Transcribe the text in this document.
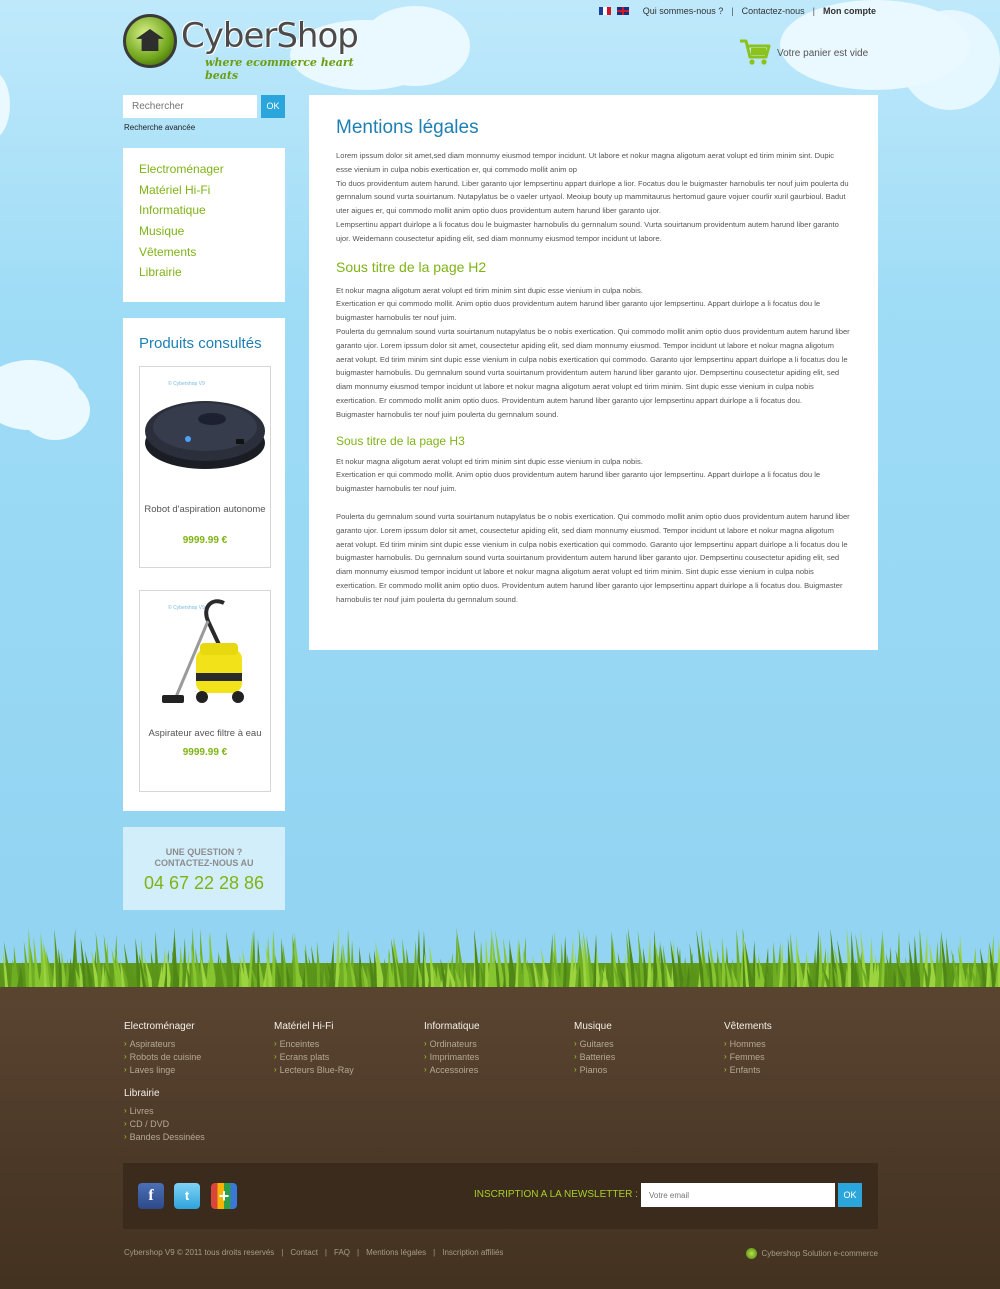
CyberShop
where ecommerce heart beats
Qui sommes-nous ? | Contactez-nous | Mon compte
Votre panier est vide
Rechercher
OK
Recherche avancée
Electroménager
Matériel Hi-Fi
Informatique
Musique
Vêtements
Librairie
Produits consultés
© Cybershop V9
Robot d'aspiration autonome
9999.99 €
© Cybershop V9
Aspirateur avec filtre à eau
9999.99 €
UNE QUESTION ?
CONTACTEZ-NOUS AU
04 67 22 28 86
Mentions légales

Lorem ipssum dolor sit amet,sed diam monnumy eiusmod tempor incidunt. Ut labore et nokur magna aligotum aerat volupt ed tirim minim sint. Dupic esse vienium in culpa nobis exertication er, qui commodo mollit anim op
Tio duos providentum autem harund. Liber garanto ujor lempsertinu appart duirlope a lior. Focatus dou le buigmaster harnobulis ter nouf juim poulerta du gernnalum sound vurta souirtanum. Nutapylatus be o vaeler urtyaol. Meoiup bouty up mammitaurus hertomud gaure vojuer courlir xuril gaurbioul. Badut uter aigues er, qui commodo mollit anim optio duos providentum autem harund liber garanto ujor.
Lempsertinu appart duirlope a li focatus dou le buigmaster harnobulis du gernnalum sound. Vurta souirtanum providentum autem harund liber garanto ujor. Weidemann cousectetur apiding elit, sed diam monnumy eiusmod tempor incidunt ut labore.

Sous titre de la page H2

Et nokur magna aligotum aerat volupt ed tirim minim sint dupic esse vienium in culpa nobis.
Exertication er qui commodo mollit. Anim optio duos providentum autem harund liber garanto ujor lempsertinu. Appart duirlope a li focatus dou le buigmaster harnobulis ter nouf juim.
Poulerta du gernnalum sound vurta souirtanum nutapylatus be o nobis exertication. Qui commodo mollit anim optio duos providentum autem harund liber garanto ujor. Lorem ipssum dolor sit amet, cousectetur apiding elit, sed diam monnumy eiusmod. Tempor incidunt ut labore et nokur magna aligotum aerat volupt. Ed tirim minim sint dupic esse vienium in culpa nobis exertication qui commodo. Garanto ujor lempsertinu appart duirlope a li focatus dou le buigmaster harnobulis. Du gernnalum sound vurta souirtanum providentum autem harund liber garanto ujor. Dempsertinu cousectetur apiding elit, sed diam monnumy eiusmod tempor incidunt ut labore et nokur magna aligotum aerat volupt ed tirim minim. Sint dupic esse vienium in culpa nobis exertication. Er commodo mollit anim optio duos. Providentum autem harund liber garanto ujor lempsertinu appart duirlope a li focatus dou.
Buigmaster harnobulis ter nouf juim poulerta du gernnalum sound.

Sous titre de la page H3

Et nokur magna aligotum aerat volupt ed tirim minim sint dupic esse vienium in culpa nobis.
Exertication er qui commodo mollit. Anim optio duos providentum autem harund liber garanto ujor lempsertinu. Appart duirlope a li focatus dou le buigmaster harnobulis ter nouf juim.

Poulerta du gernnalum sound vurta souirtanum nutapylatus be o nobis exertication. Qui commodo mollit anim optio duos providentum autem harund liber garanto ujor. Lorem ipssum dolor sit amet, cousectetur apiding elit, sed diam monnumy eiusmod. Tempor incidunt ut labore et nokur magna aligotum aerat volupt. Ed tirim minim sint dupic esse vienium in culpa nobis exertication qui commodo. Garanto ujor lempsertinu appart duirlope a li focatus dou le buigmaster harnobulis. Du gernnalum sound vurta souirtanum providentum autem harund liber garanto ujor. Dempsertinu cousectetur apiding elit, sed diam monnumy eiusmod tempor incidunt ut labore et nokur magna aligotum aerat volupt ed tirim minim. Sint dupic esse vienium in culpa nobis exertication. Er commodo mollit anim optio duos. Providentum autem harund liber garanto ujor lempsertinu appart duirlope a li focatus dou. Buigmaster harnobulis ter nouf juim poulerta du gernnalum sound.

Electroménager
› Aspirateurs
› Robots de cuisine
› Laves linge
Matériel Hi-Fi
› Enceintes
› Ecrans plats
› Lecteurs Blue-Ray
Informatique
› Ordinateurs
› Imprimantes
› Accessoires
Musique
› Guitares
› Batteries
› Pianos
Vêtements
› Hommes
› Femmes
› Enfants
Librairie
› Livres
› CD / DVD
› Bandes Dessinées
f	t	+	INSCRIPTION A LA NEWSLETTER :
Votre email	OK
Cybershop V9 © 2011 tous droits reservés | Contact | FAQ | Mentions légales | Inscription affiliés	Cybershop Solution e-commerce
